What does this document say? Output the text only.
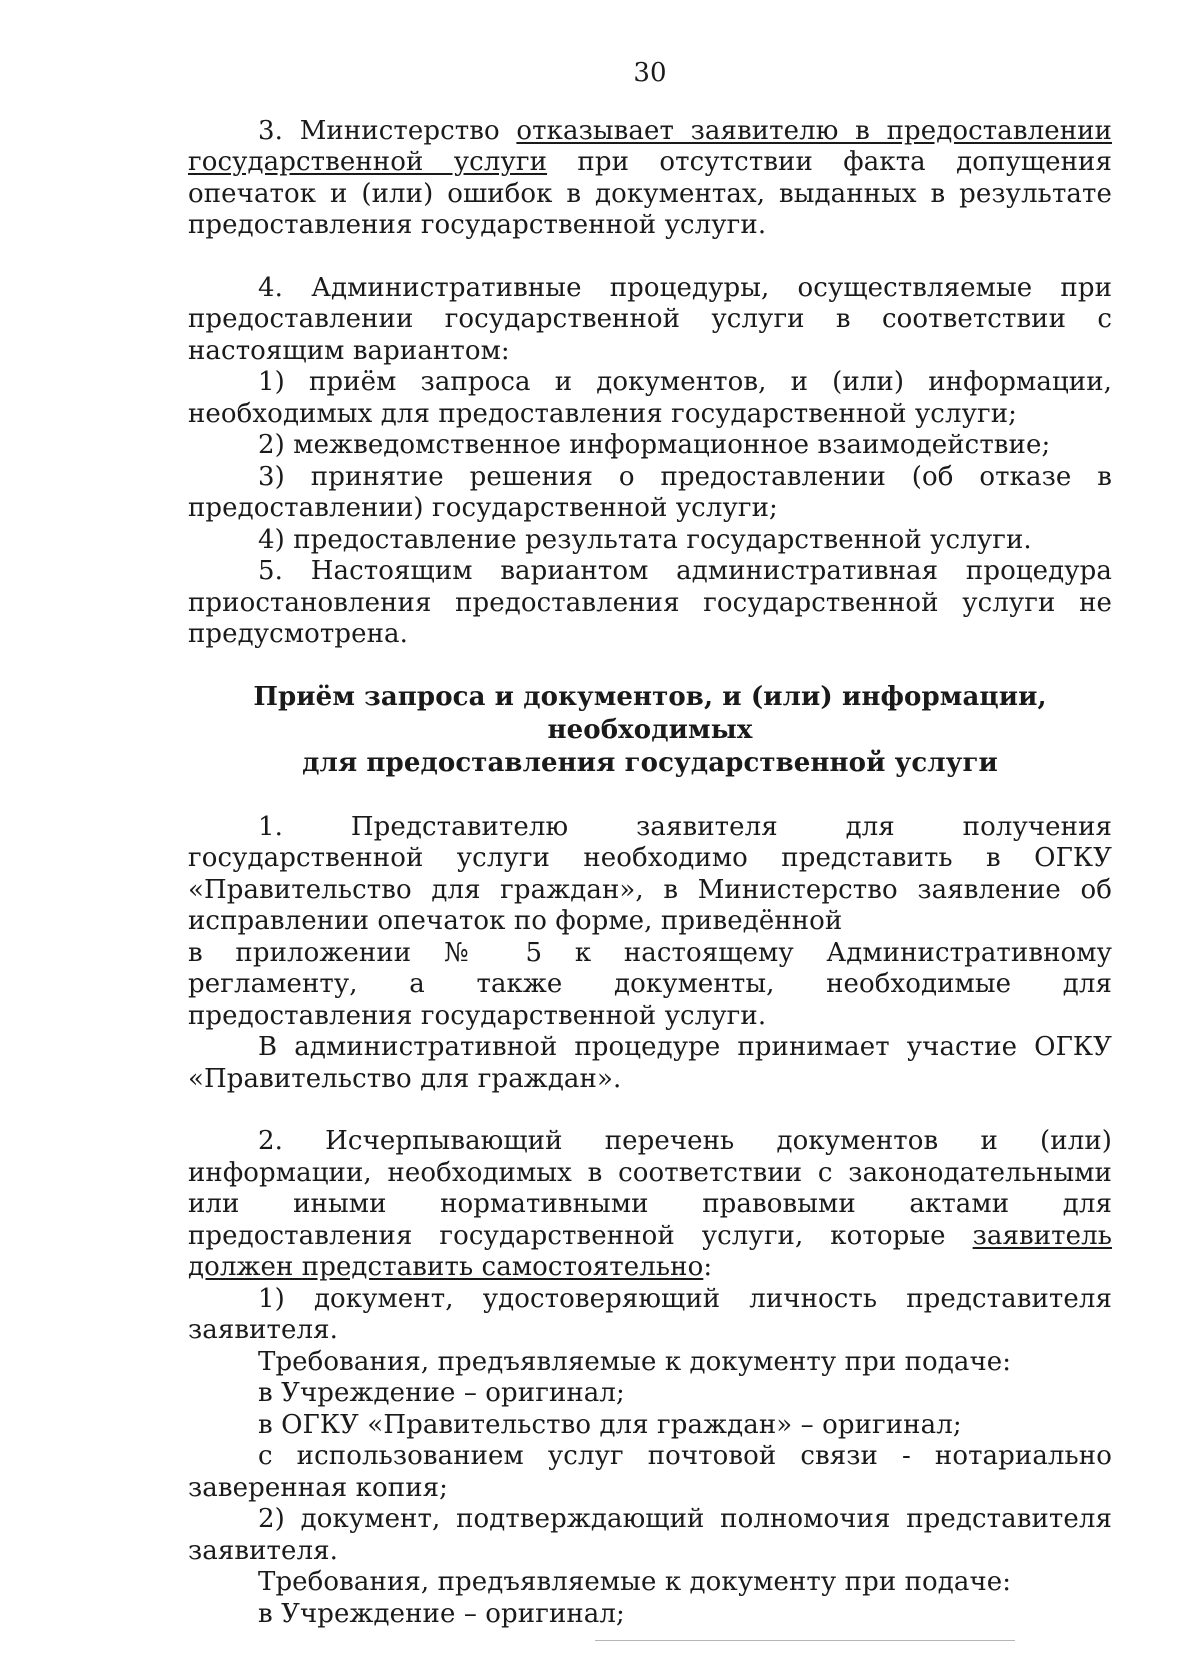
30

3. Министерство отказывает заявителю в предоставлении государственной услуги при отсутствии факта допущения опечаток и (или) ошибок в документах, выданных в результате предоставления государственной услуги.

4. Административные процедуры, осуществляемые при предоставлении государственной услуги в соответствии с настоящим вариантом:

1) приём запроса и документов, и (или) информации, необходимых для предоставления государственной услуги;

2) межведомственное информационное взаимодействие;

3) принятие решения о предоставлении (об отказе в предоставлении) государственной услуги;

4) предоставление результата государственной услуги.

5. Настоящим вариантом административная процедура приостановления предоставления государственной услуги не предусмотрена.

Приём запроса и документов, и (или) информации, необходимых
для предоставления государственной услуги

1. Представителю заявителя для получения государственной услуги необходимо представить в ОГКУ «Правительство для граждан», в Министерство заявление об исправлении опечаток по форме, приведённой

в приложении № 5 к настоящему Административному регламенту, а также документы, необходимые для предоставления государственной услуги.

В административной процедуре принимает участие ОГКУ «Правительство для граждан».

2. Исчерпывающий перечень документов и (или) информации, необходимых в соответствии с законодательными или иными нормативными правовыми актами для предоставления государственной услуги, которые заявитель должен представить самостоятельно:

1) документ, удостоверяющий личность представителя заявителя.

Требования, предъявляемые к документу при подаче:

в Учреждение – оригинал;

в ОГКУ «Правительство для граждан» – оригинал;

с использованием услуг почтовой связи - нотариально заверенная копия;

2) документ, подтверждающий полномочия представителя заявителя.

Требования, предъявляемые к документу при подаче:

в Учреждение – оригинал;
